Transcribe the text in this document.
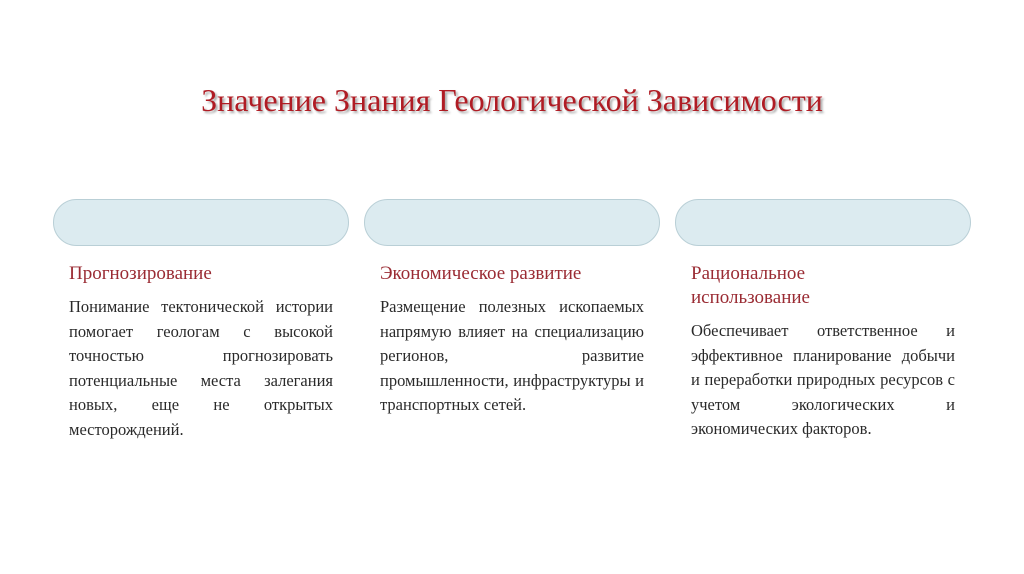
Значение Знания Геологической Зависимости
Прогнозирование

Понимание тектонической истории помогает геологам с высокой точностью прогнозировать потенциальные места залегания новых, еще не открытых месторождений.

Экономическое развитие

Размещение полезных ископаемых напрямую влияет на специализацию регионов, развитие промышленности, инфраструктуры и транспортных сетей.

Рациональное использование

Обеспечивает ответственное и эффективное планирование добычи и переработки природных ресурсов с учетом экологических и экономических факторов.
